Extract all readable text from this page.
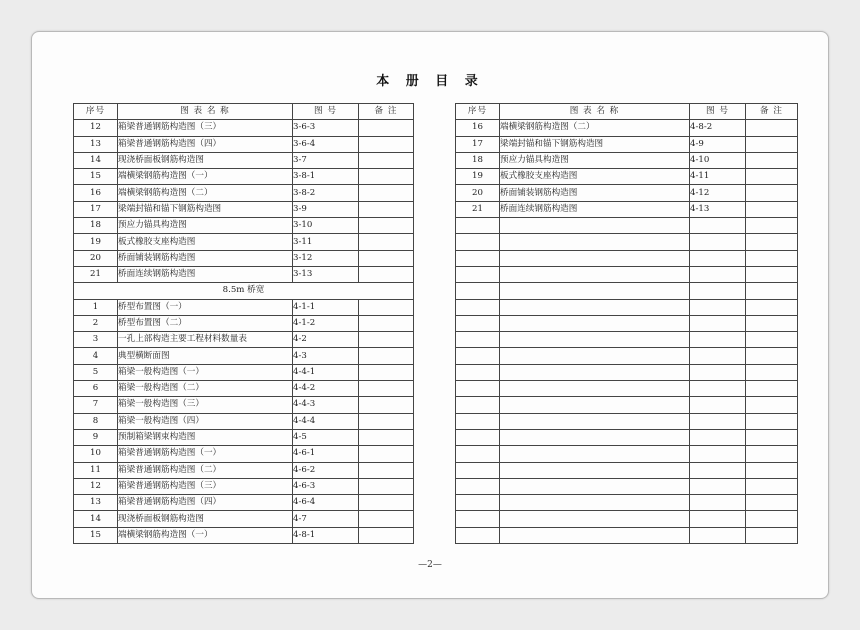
本 册 目 录
序号	图 表 名 称	图 号	备 注
12	箱梁普通钢筋构造图（三）	3-6-3	
13	箱梁普通钢筋构造图（四）	3-6-4	
14	现浇桥面板钢筋构造图	3-7	
15	端横梁钢筋构造图（一）	3-8-1	
16	端横梁钢筋构造图（二）	3-8-2	
17	梁端封锚和锚下钢筋构造图	3-9	
18	预应力锚具构造图	3-10	
19	板式橡胶支座构造图	3-11	
20	桥面铺装钢筋构造图	3-12	
21	桥面连续钢筋构造图	3-13	
8.5m 桥宽			
1	桥型布置图（一）	4-1-1	
2	桥型布置图（二）	4-1-2	
3	一孔上部构造主要工程材料数量表	4-2	
4	典型横断面图	4-3	
5	箱梁一般构造图（一）	4-4-1	
6	箱梁一般构造图（二）	4-4-2	
7	箱梁一般构造图（三）	4-4-3	
8	箱梁一般构造图（四）	4-4-4	
9	预制箱梁钢束构造图	4-5	
10	箱梁普通钢筋构造图（一）	4-6-1	
11	箱梁普通钢筋构造图（二）	4-6-2	
12	箱梁普通钢筋构造图（三）	4-6-3	
13	箱梁普通钢筋构造图（四）	4-6-4	
14	现浇桥面板钢筋构造图	4-7	
15	端横梁钢筋构造图（一）	4-8-1	
序号	图 表 名 称	图 号	备 注
16	端横梁钢筋构造图（二）	4-8-2	
17	梁端封锚和锚下钢筋构造图	4-9	
18	预应力锚具构造图	4-10	
19	板式橡胶支座构造图	4-11	
20	桥面铺装钢筋构造图	4-12	
21	桥面连续钢筋构造图	4-13	

—2—
